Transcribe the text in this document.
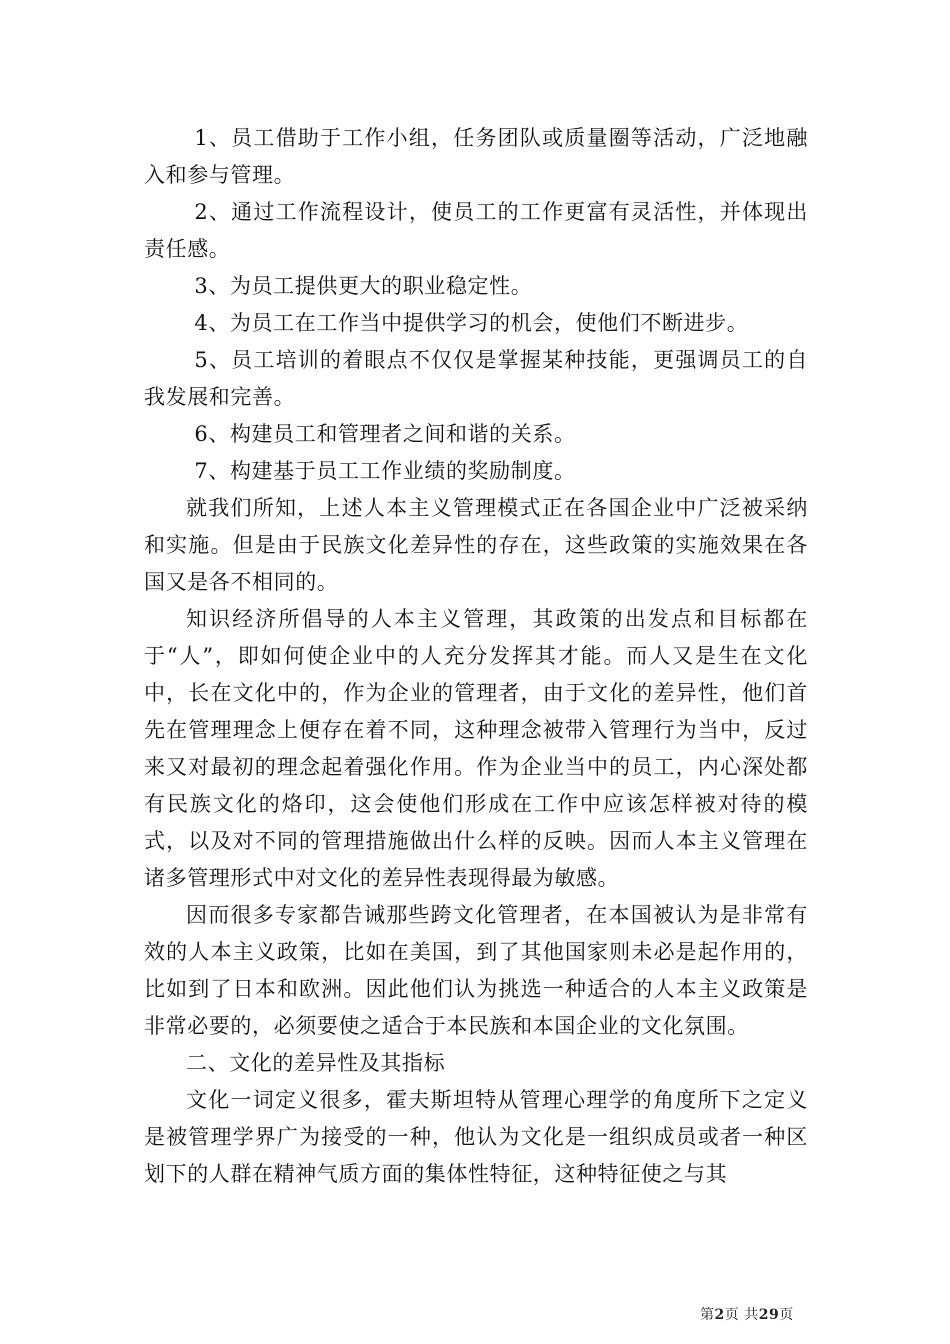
1、员工借助于工作小组，任务团队或质量圈等活动，广泛地融入和参与管理。

2、通过工作流程设计，使员工的工作更富有灵活性，并体现出责任感。

3、为员工提供更大的职业稳定性。

4、为员工在工作当中提供学习的机会，使他们不断进步。

5、员工培训的着眼点不仅仅是掌握某种技能，更强调员工的自我发展和完善。

6、构建员工和管理者之间和谐的关系。

7、构建基于员工工作业绩的奖励制度。

就我们所知，上述人本主义管理模式正在各国企业中广泛被采纳和实施。但是由于民族文化差异性的存在，这些政策的实施效果在各国又是各不相同的。

知识经济所倡导的人本主义管理，其政策的出发点和目标都在于“人”，即如何使企业中的人充分发挥其才能。而人又是生在文化中，长在文化中的，作为企业的管理者，由于文化的差异性，他们首先在管理理念上便存在着不同，这种理念被带入管理行为当中，反过来又对最初的理念起着强化作用。作为企业当中的员工，内心深处都有民族文化的烙印，这会使他们形成在工作中应该怎样被对待的模式，以及对不同的管理措施做出什么样的反映。因而人本主义管理在诸多管理形式中对文化的差异性表现得最为敏感。

因而很多专家都告诫那些跨文化管理者，在本国被认为是非常有效的人本主义政策，比如在美国，到了其他国家则未必是起作用的，比如到了日本和欧洲。因此他们认为挑选一种适合的人本主义政策是非常必要的，必须要使之适合于本民族和本国企业的文化氛围。

二、文化的差异性及其指标

文化一词定义很多，霍夫斯坦特从管理心理学的角度所下之定义是被管理学界广为接受的一种，他认为文化是一组织成员或者一种区划下的人群在精神气质方面的集体性特征，这种特征使之与其

第2页 共29页
